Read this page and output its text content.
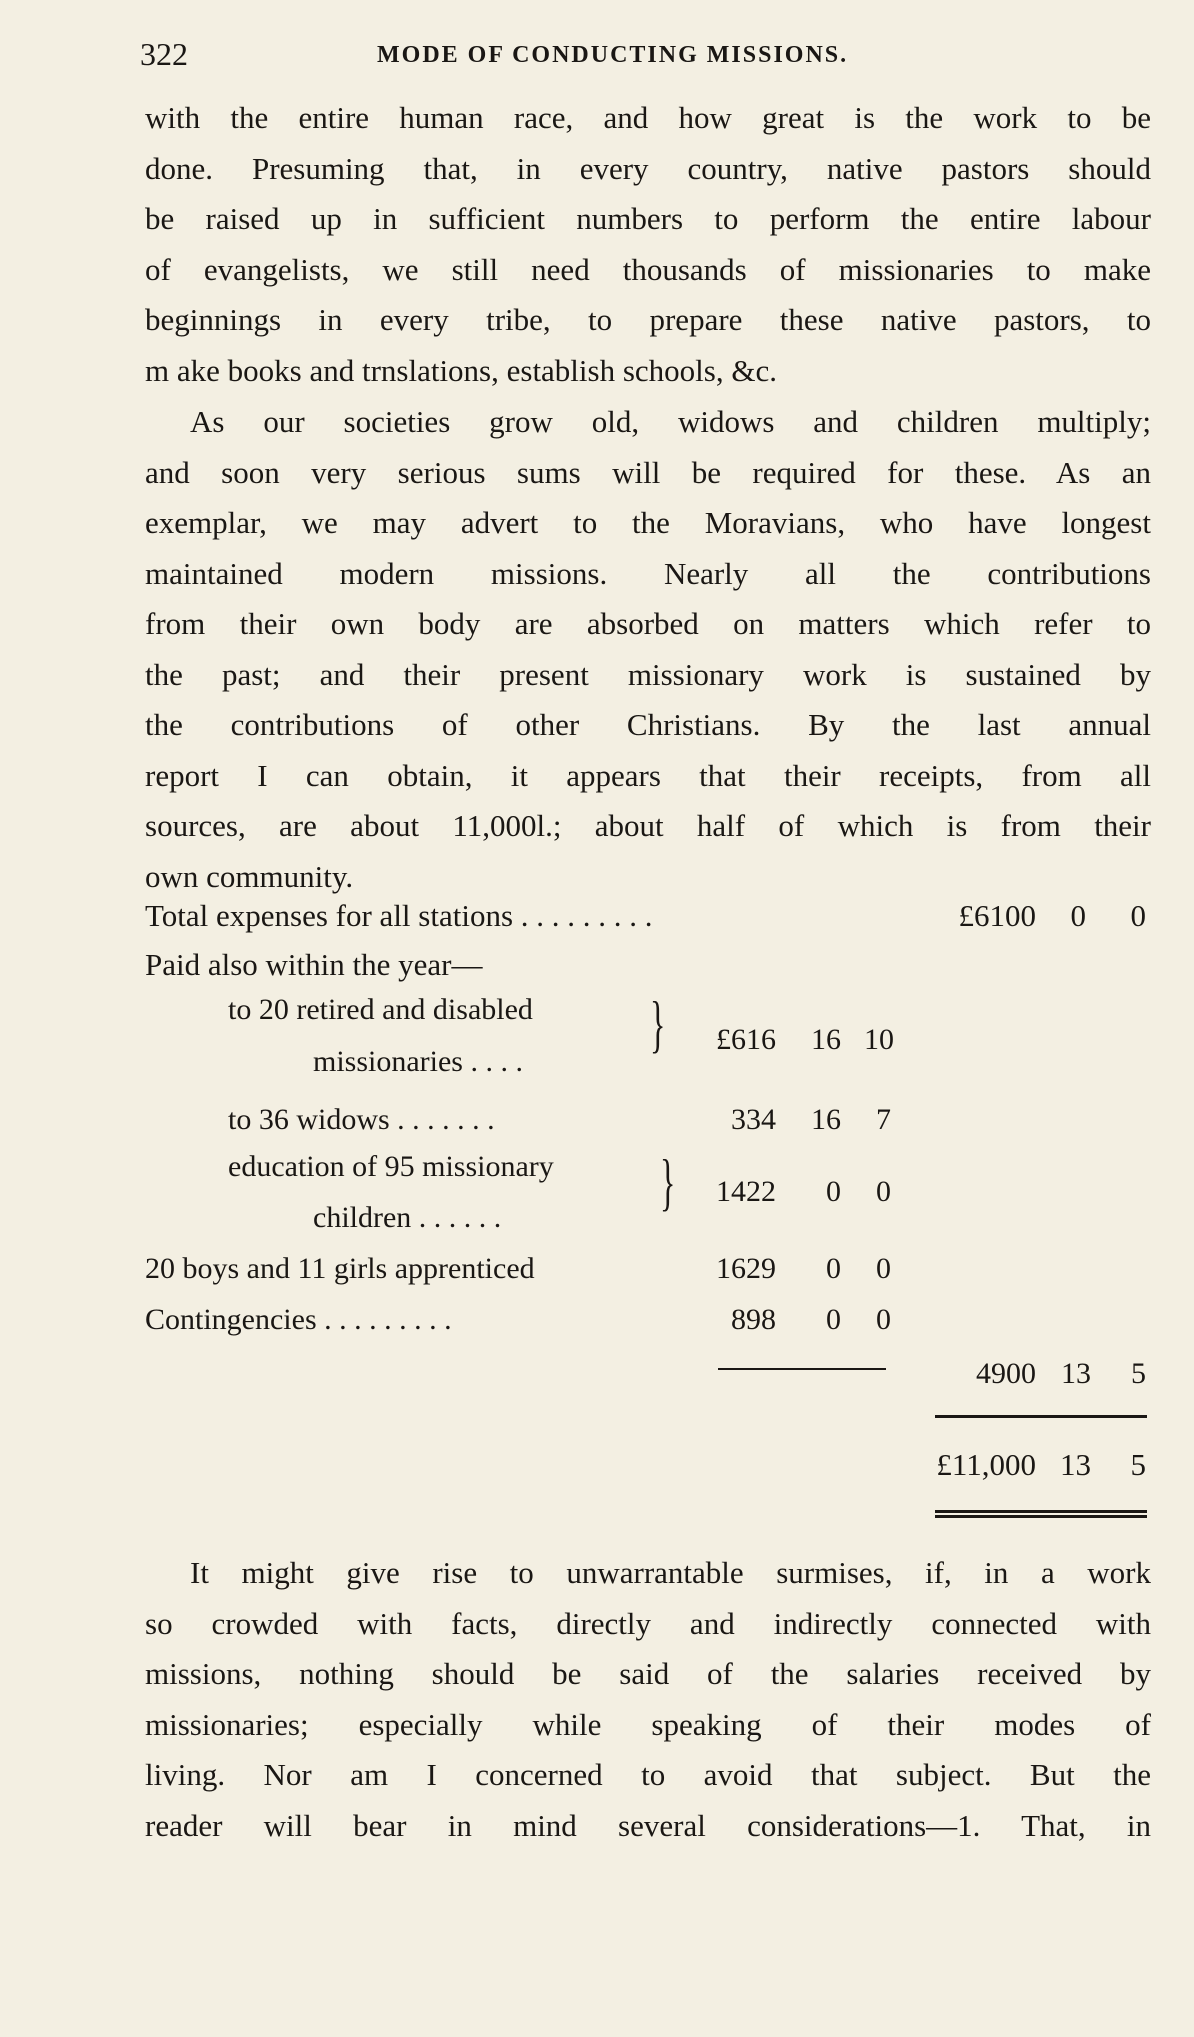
322	MODE OF CONDUCTING MISSIONS.
with the entire human race, and how great is the work to be
done. Presuming that, in every country, native pastors should
be raised up in sufficient numbers to perform the entire labour
of evangelists, we still need thousands of missionaries to make
beginnings in every tribe, to prepare these native pastors, to
m ake books and trnslations, establish schools, &c.
As our societies grow old, widows and children multiply;
and soon very serious sums will be required for these. As an
exemplar, we may advert to the Moravians, who have longest
maintained modern missions. Nearly all the contributions
from their own body are absorbed on matters which refer to
the past; and their present missionary work is sustained by
the contributions of other Christians. By the last annual
report I can obtain, it appears that their receipts, from all
sources, are about 11,000l.; about half of which is from their
own community.
Total expenses for all stations . . . . . . . . .	£6100 0 0
Paid also within the year—
to 20 retired and disabled
missionaries . . . .
} £616 16 10
to 36 widows . . . . . . .	334 16 7
education of 95 missionary
children . . . . . .
} 1422 0 0
20 boys and 11 girls apprenticed	1629 0 0
Contingencies . . . . . . . . .	898 0 0
4900 13 5
£11,000 13 5
It might give rise to unwarrantable surmises, if, in a work
so crowded with facts, directly and indirectly connected with
missions, nothing should be said of the salaries received by
missionaries; especially while speaking of their modes of
living. Nor am I concerned to avoid that subject. But the
reader will bear in mind several considerations—1. That, in
